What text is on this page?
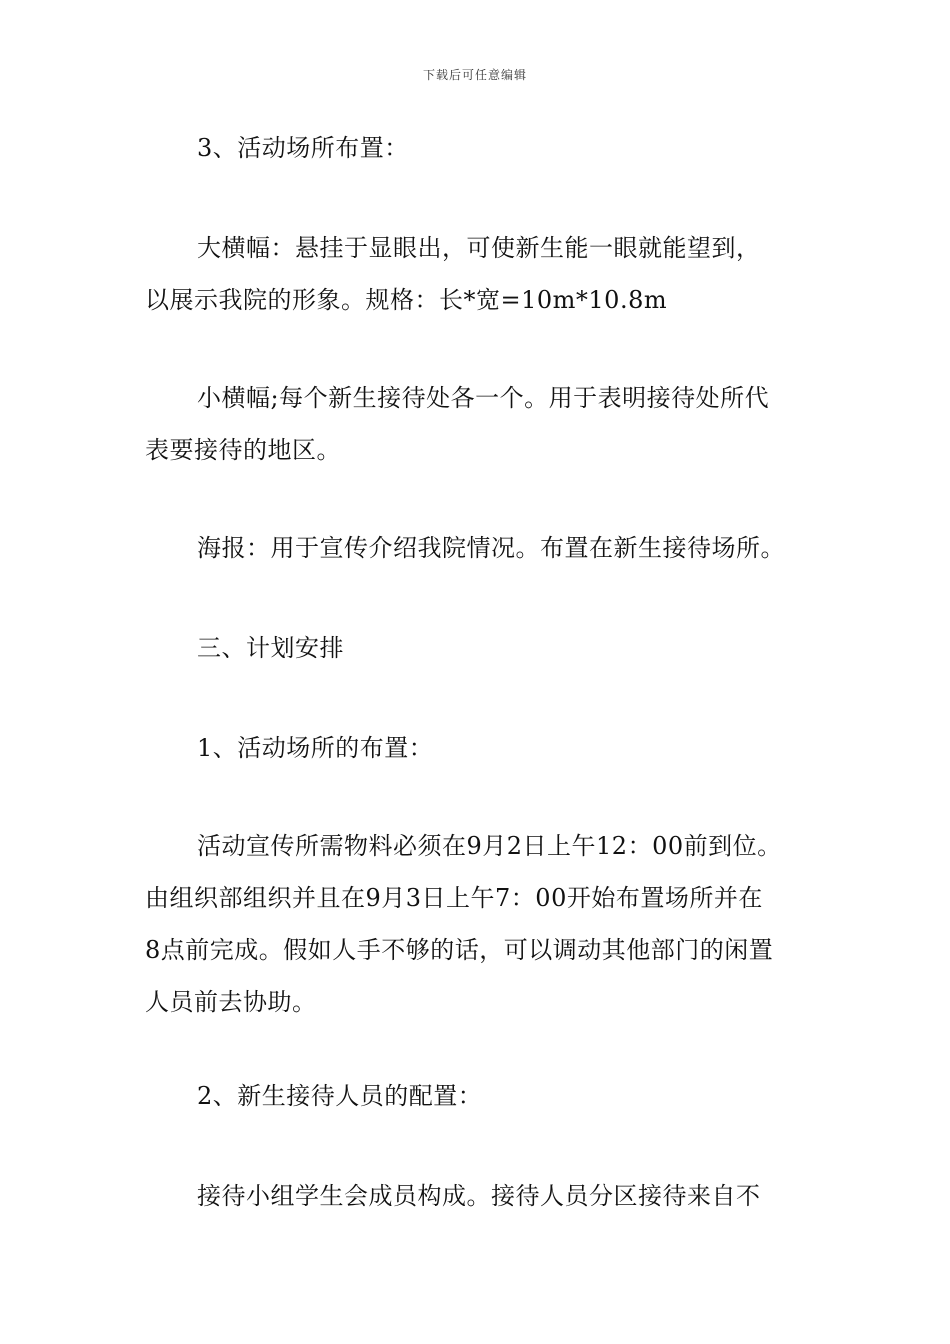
下载后可任意编辑
3、活动场所布置：
大横幅：悬挂于显眼出，可使新生能一眼就能望到，
以展示我院的形象。规格：长*宽=10m*10.8m
小横幅;每个新生接待处各一个。用于表明接待处所代
表要接待的地区。
海报：用于宣传介绍我院情况。布置在新生接待场所。
三、计划安排
1、活动场所的布置：
活动宣传所需物料必须在9月2日上午12：00前到位。
由组织部组织并且在9月3日上午7：00开始布置场所并在
8点前完成。假如人手不够的话，可以调动其他部门的闲置
人员前去协助。
2、新生接待人员的配置：
接待小组学生会成员构成。接待人员分区接待来自不
